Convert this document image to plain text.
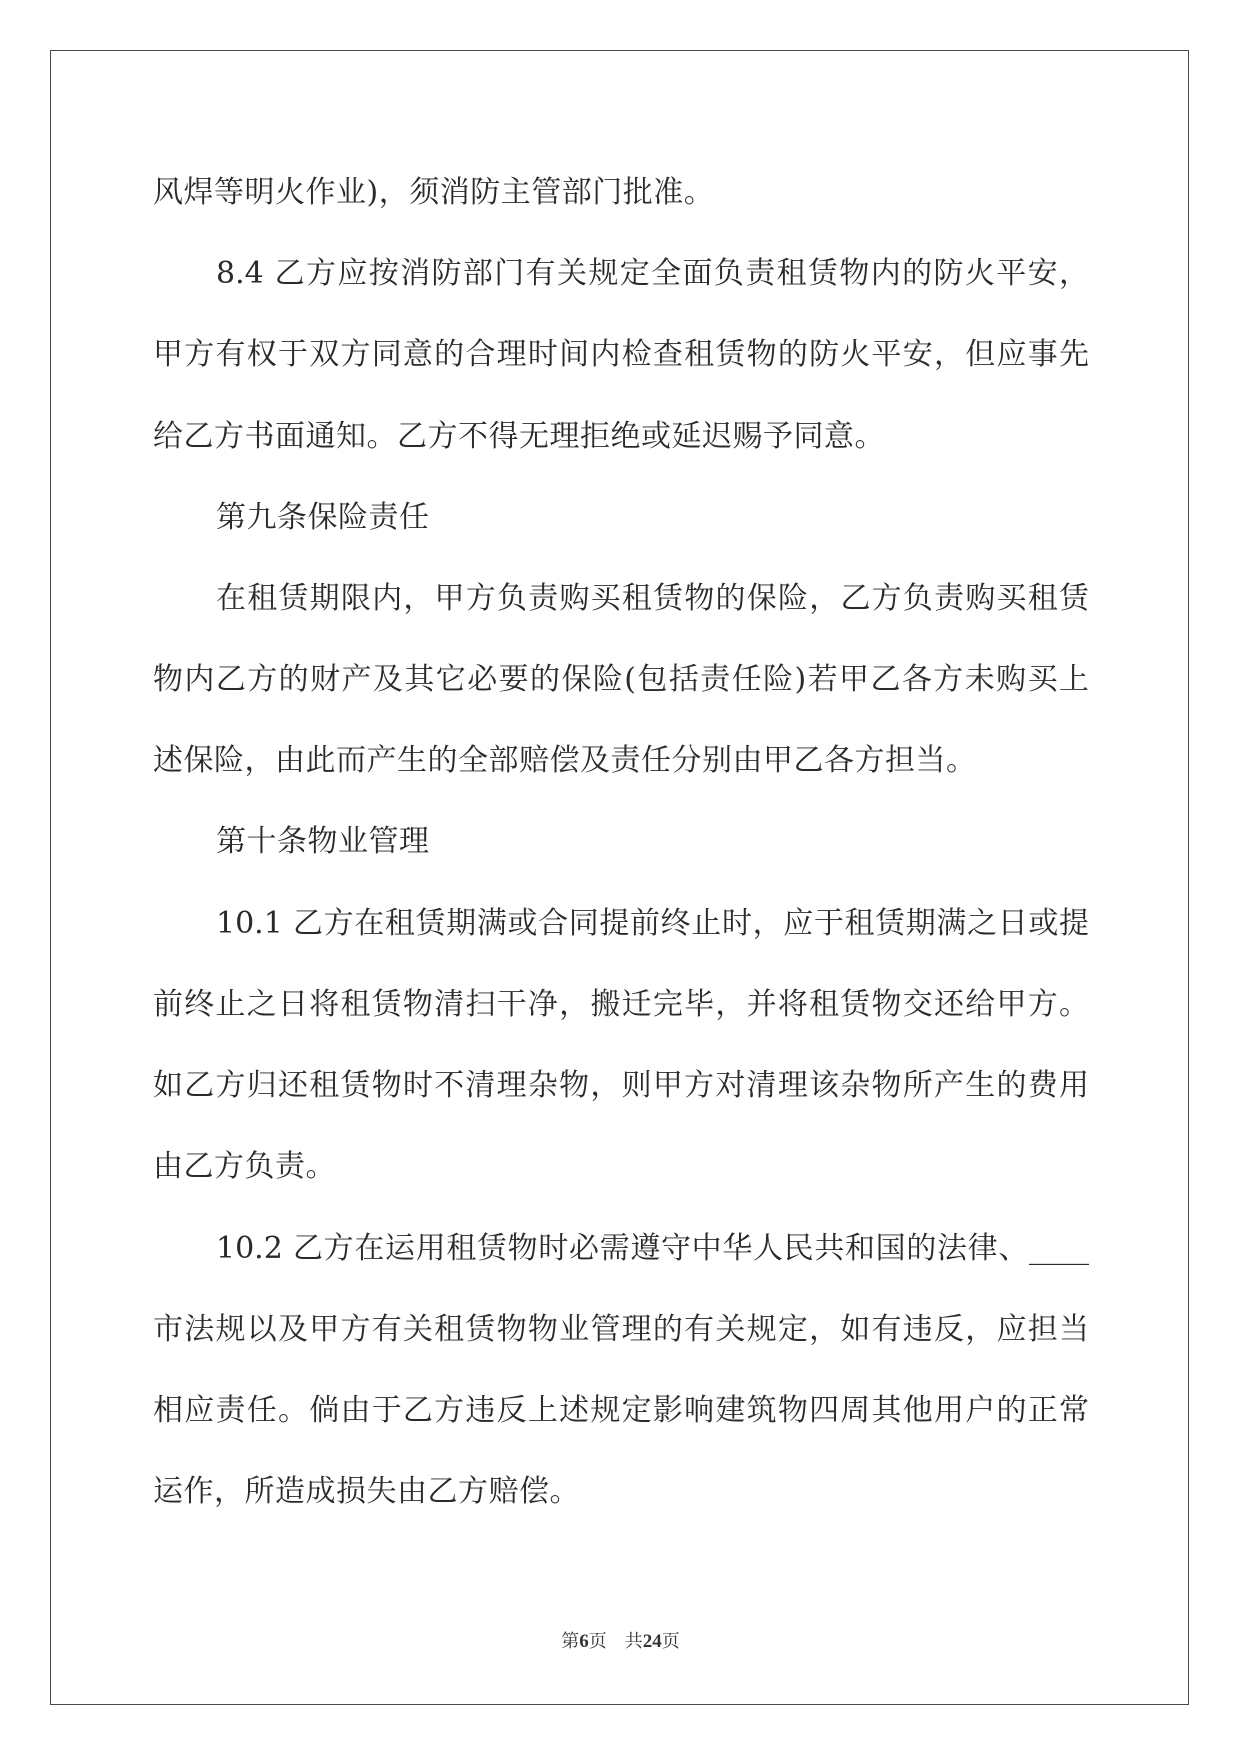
风焊等明火作业)，须消防主管部门批准。
8.4 乙方应按消防部门有关规定全面负责租赁物内的防火平安，
甲方有权于双方同意的合理时间内检查租赁物的防火平安，但应事先
给乙方书面通知。乙方不得无理拒绝或延迟赐予同意。
第九条保险责任
在租赁期限内，甲方负责购买租赁物的保险，乙方负责购买租赁
物内乙方的财产及其它必要的保险(包括责任险)若甲乙各方未购买上
述保险，由此而产生的全部赔偿及责任分别由甲乙各方担当。
第十条物业管理
10.1 乙方在租赁期满或合同提前终止时，应于租赁期满之日或提
前终止之日将租赁物清扫干净，搬迁完毕，并将租赁物交还给甲方。
如乙方归还租赁物时不清理杂物，则甲方对清理该杂物所产生的费用
由乙方负责。
10.2 乙方在运用租赁物时必需遵守中华人民共和国的法律、____
市法规以及甲方有关租赁物物业管理的有关规定，如有违反，应担当
相应责任。倘由于乙方违反上述规定影响建筑物四周其他用户的正常
运作，所造成损失由乙方赔偿。
第6页 共24页
